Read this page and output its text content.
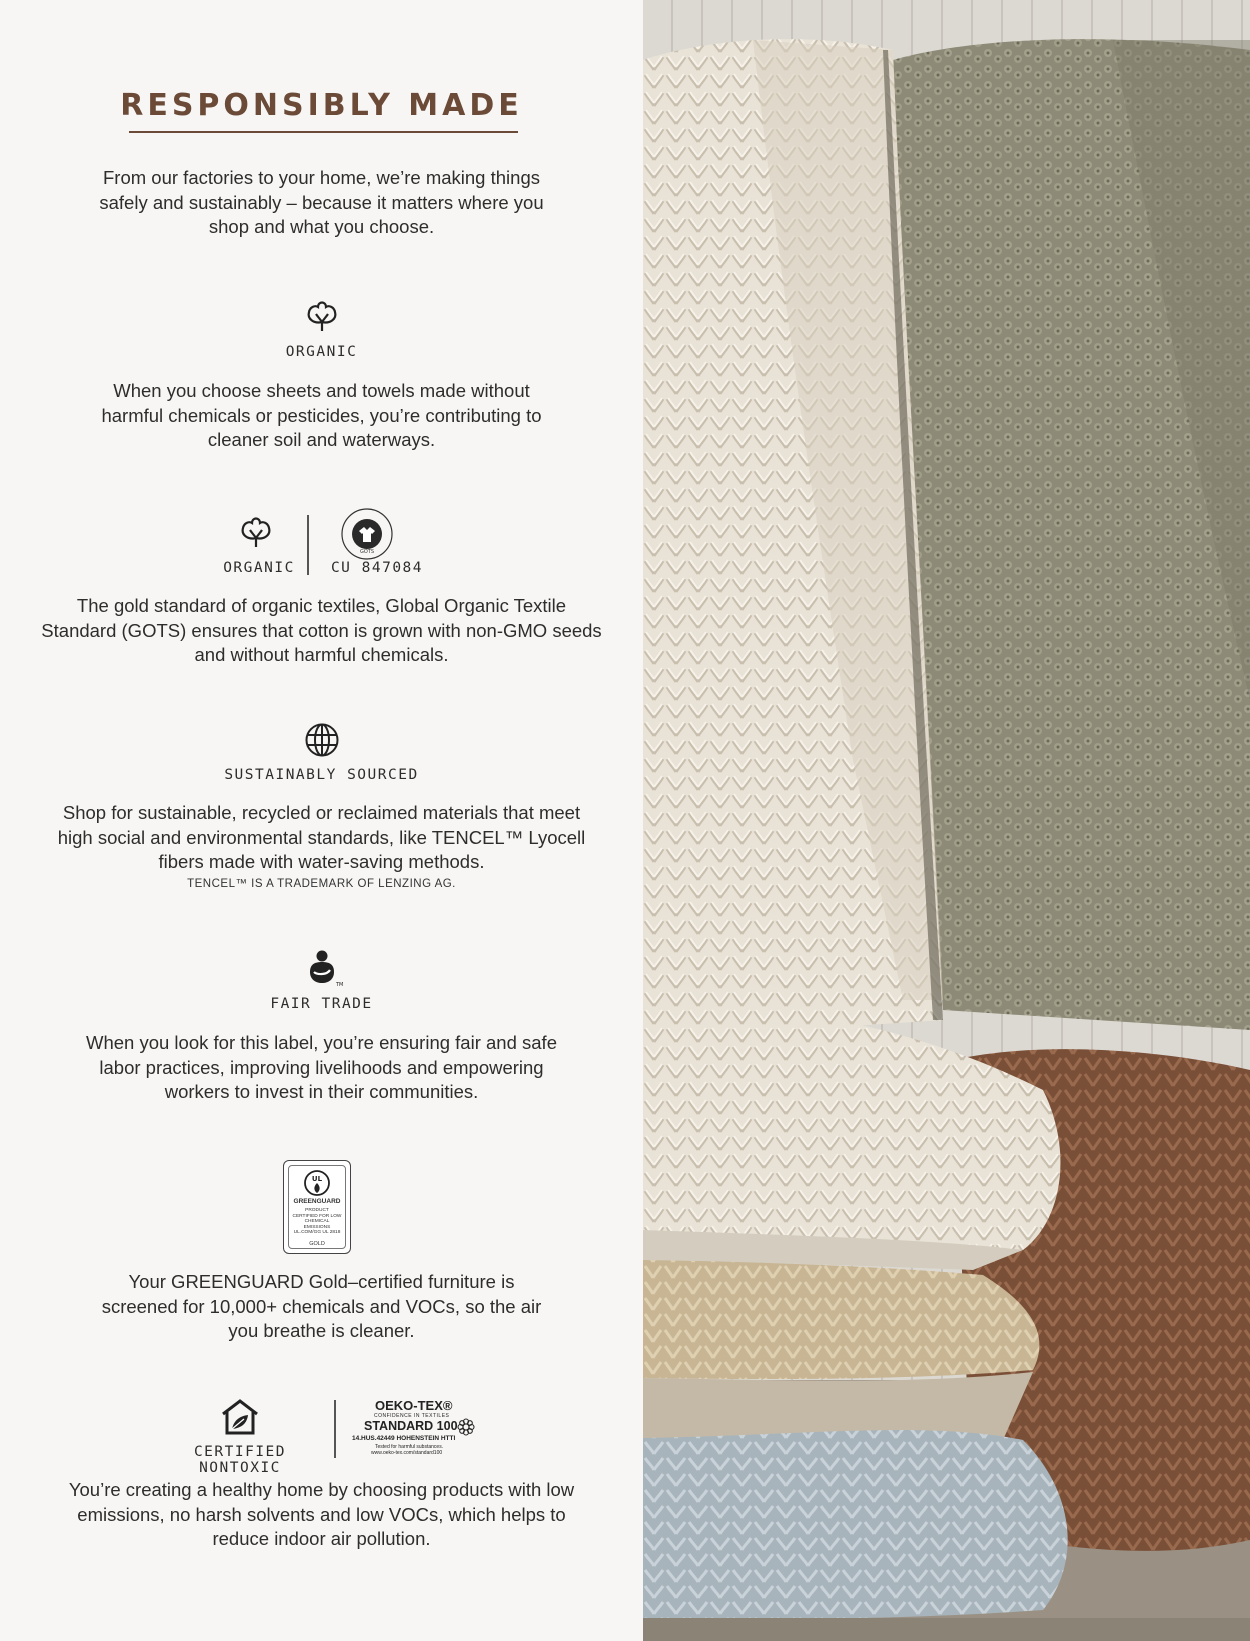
RESPONSIBLY MADE
From our factories to your home, we’re making things safely and sustainably – because it matters where you shop and what you choose.
ORGANIC
When you choose sheets and towels made without harmful chemicals or pesticides, you’re contributing to cleaner soil and waterways.
ORGANIC
GOTS
CU 847084
The gold standard of organic textiles, Global Organic Textile Standard (GOTS) ensures that cotton is grown with non-GMO seeds and without harmful chemicals.
SUSTAINABLY SOURCED
Shop for sustainable, recycled or reclaimed materials that meet high social and environmental standards, like TENCEL™ Lyocell fibers made with water-saving methods.
TENCEL™ IS A TRADEMARK OF LENZING AG.
TM
FAIR TRADE
When you look for this label, you’re ensuring fair and safe labor practices, improving livelihoods and empowering workers to invest in their communities.
UL
GREENGUARD
PRODUCT CERTIFIED FOR LOW CHEMICAL EMISSIONS UL.COM/GG UL 2818
GOLD
Your GREENGUARD Gold–certified furniture is screened for 10,000+ chemicals and VOCs, so the air you breathe is cleaner.
CERTIFIED NONTOXIC
OEKO-TEX®
CONFIDENCE IN TEXTILES
STANDARD 100
14.HUS.42449 HOHENSTEIN HTTI
Tested for harmful substances.
www.oeko-tex.com/standard100
You’re creating a healthy home by choosing products with low emissions, no harsh solvents and low VOCs, which helps to reduce indoor air pollution.
